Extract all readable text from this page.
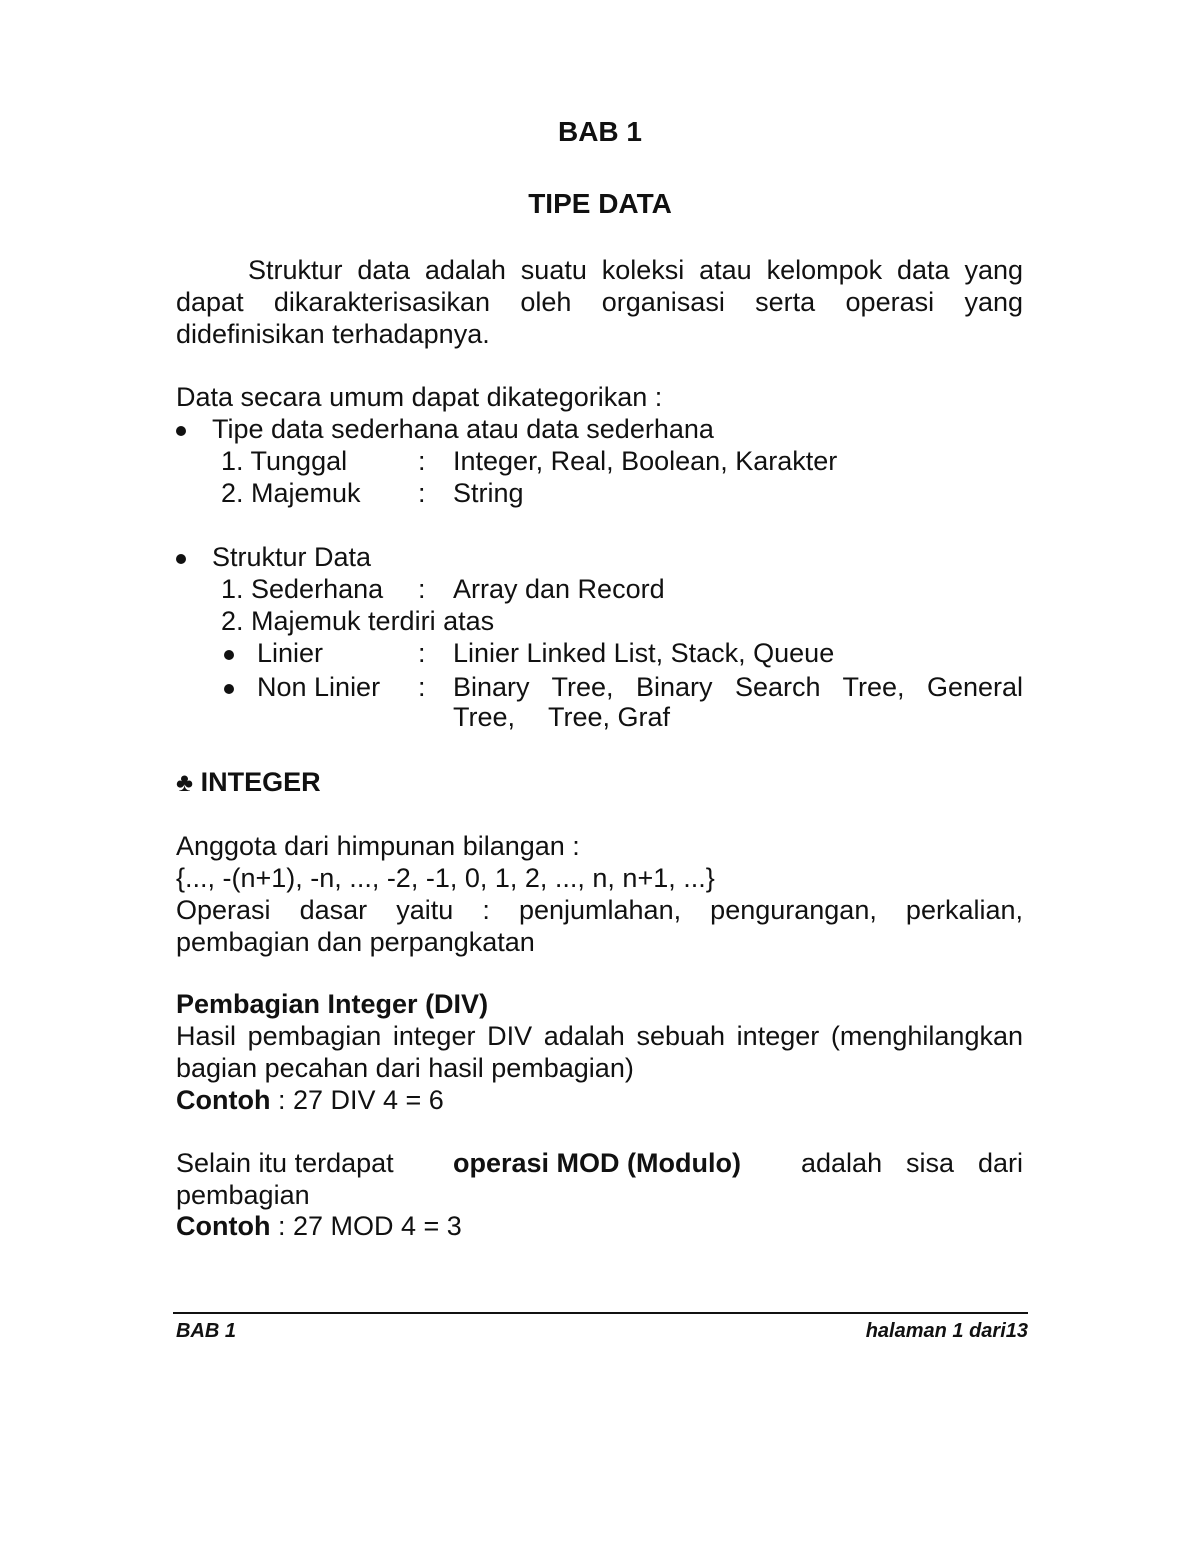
BAB 1
TIPE DATA
Struktur data adalah suatu koleksi atau kelompok data yang
dapat dikarakterisasikan oleh organisasi serta operasi yang
didefinisikan terhadapnya.
Data secara umum dapat dikategorikan :
Tipe data sederhana atau data sederhana
1. Tunggal	: Integer, Real, Boolean, Karakter
2. Majemuk : String
Struktur Data
1. Sederhana : Array dan Record
2. Majemuk terdiri atas
Linier	: Linier Linked List, Stack, Queue
Non Linier : Binary Tree, Binary Search Tree, General
Tree, Tree, Graf
♣ INTEGER
Anggota dari himpunan bilangan :
{..., -(n+1), -n, ..., -2, -1, 0, 1, 2, ..., n, n+1, ...}
Operasi dasar yaitu : penjumlahan, pengurangan, perkalian,
pembagian dan perpangkatan
Pembagian Integer (DIV)
Hasil pembagian integer DIV adalah sebuah integer (menghilangkan
bagian pecahan dari hasil pembagian)
Contoh : 27 DIV 4 = 6
Selain itu terdapat operasi MOD (Modulo) adalah sisa dari
pembagian
Contoh : 27 MOD 4 = 3
BAB 1	halaman 1 dari13
